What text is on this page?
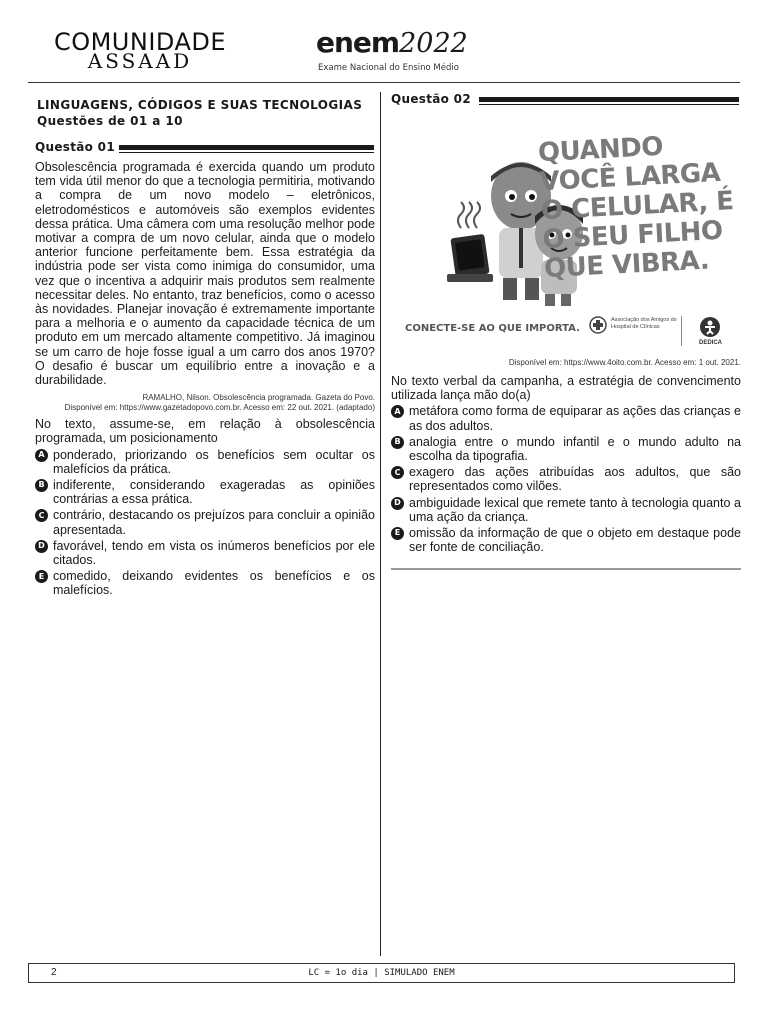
COMUNIDADE
ASSAAD
enem2022
Exame Nacional do Ensino Médio
LINGUAGENS, CÓDIGOS E SUAS TECNOLOGIAS
Questões de 01 a 10
Questão 01
Obsolescência programada é exercida quando um produto tem vida útil menor do que a tecnologia permitiria, motivando a compra de um novo modelo – eletrônicos, eletrodomésticos e automóveis são exemplos evidentes dessa prática. Uma câmera com uma resolução melhor pode motivar a compra de um novo celular, ainda que o modelo anterior funcione perfeitamente bem. Essa estratégia da indústria pode ser vista como inimiga do consumidor, uma vez que o incentiva a adquirir mais produtos sem realmente necessitar deles. No entanto, traz benefícios, como o acesso às novidades. Planejar inovação é extremamente importante para a melhoria e o aumento da capacidade técnica de um produto em um mercado altamente competitivo. Já imaginou se um carro de hoje fosse igual a um carro dos anos 1970? O desafio é buscar um equilíbrio entre a inovação e a durabilidade.
RAMALHO, Nilson. Obsolescência programada. Gazeta do Povo.
Disponível em: https://www.gazetadopovo.com.br. Acesso em: 22 out. 2021. (adaptado)
No texto, assume-se, em relação à obsolescência programada, um posicionamento
A ponderado, priorizando os benefícios sem ocultar os malefícios da prática.
B indiferente, considerando exageradas as opiniões contrárias a essa prática.
C contrário, destacando os prejuízos para concluir a opinião apresentada.
D favorável, tendo em vista os inúmeros benefícios por ele citados.
E comedido, deixando evidentes os benefícios e os malefícios.
Questão 02
QUANDO VOCÊ LARGA O CELULAR, É O SEU FILHO QUE VIBRA.
CONECTE-SE AO QUE IMPORTA.
Associação dos Amigos do Hospital de Clínicas
DEDICA
Disponível em: https://www.4oito.com.br. Acesso em: 1 out. 2021.
No texto verbal da campanha, a estratégia de convencimento utilizada lança mão do(a)
A metáfora como forma de equiparar as ações das crianças e as dos adultos.
B analogia entre o mundo infantil e o mundo adulto na escolha da tipografia.
C exagero das ações atribuídas aos adultos, que são representados como vilões.
D ambiguidade lexical que remete tanto à tecnologia quanto a uma ação da criança.
E omissão da informação de que o objeto em destaque pode ser fonte de conciliação.
2	LC = 1o dia | SIMULADO ENEM
